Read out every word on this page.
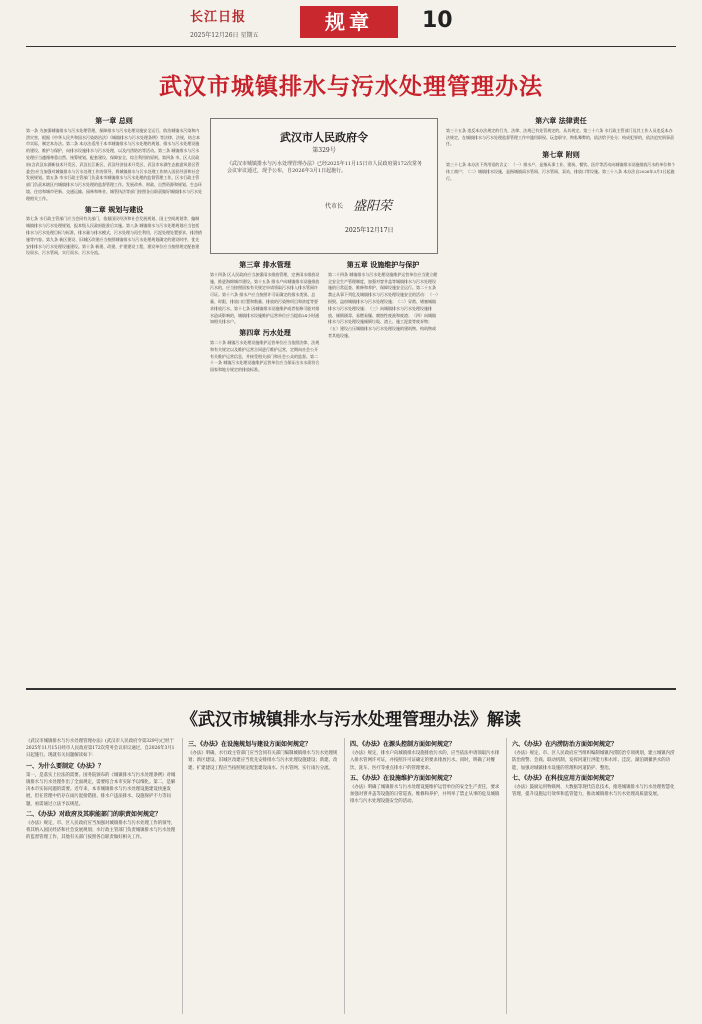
长江日报
2025年12月26日 星期五
规章	10
武汉市城镇排水与污水处理管理办法
第一章 总则
第一条 为加强城镇排水与污水处理管理，保障排水与污水处理设施安全运行，防治城镇水污染和内涝灾害，根据《中华人民共和国水污染防治法》《城镇排水与污水处理条例》等法律、法规，结合本市实际，制定本办法。第二条 本办法适用于本市城镇排水与污水处理的规划、排水与污水处理设施的建设、维护与保护，向排水设施排水与污水处理，以及内涝防治等活动。第三条 城镇排水与污水处理应当遵循尊重自然、统筹规划、配套建设、保障安全、综合利用的原则。第四条 市、区人民政府(含武汉东湖新技术开发区、武汉长江新区、武汉经济技术开发区、武汉市东湖生态旅游风景区管委会)应当加强对城镇排水与污水处理工作的领导，将城镇排水与污水处理工作纳入国民经济和社会发展规划。第五条 市水行政主管部门负责本市城镇排水与污水处理的监督管理工作。区水行政主管部门负责本辖区内城镇排水与污水处理的监督管理工作。发展改革、财政、自然资源和规划、生态环境、住房和城市更新、交通运输、园林和林业、城管执法等部门按照各自职责做好城镇排水与污水处理相关工作。
第二章 规划与建设
第七条 水行政主管部门应当会同有关部门，依据国民经济和社会发展规划、国土空间规划等，编制城镇排水与污水处理规划，报本级人民政府批准后实施。第八条 城镇排水与污水处理规划应当包括排水与污水处理目标与标准，排水量与排水模式，污水处理与再生利用，污泥处理处置要求，排涝措施等内容。第九条 新区建设、旧城区改建应当按照城镇排水与污水处理规划确定的建设时序，优先安排排水与污水处理设施建设。第十条 新建、改建、扩建建设工程，建设单位应当按照规定配套建设雨水、污水管网，实行雨水、污水分流。
武汉市人民政府令
第329号
《武汉市城镇排水与污水处理管理办法》已经2025年11月15日市人民政府第172次常务会议审议通过，现予公布，自2026年3月1日起施行。
代市长 盛阳荣
2025年12月17日
第三章 排水管理
第十四条 区人民政府应当加强雨水排放管理，完善雨水排放设施，推进海绵城市建设。第十五条 排水户向城镇排水设施排放污水的，应当按照国家有关规定申请领取污水排入排水管网许可证。第十六条 排水户应当按照许可证确定的排水类别、总量、时限、排放口位置和数量、排放的污染物项目和浓度等要求排放污水。第十七条 因城镇排水设施维护或者检修可能对排水造成影响的，城镇排水设施维护运营单位应当提前24小时通知相关排水户。
第四章 污水处理
第二十条 城镇污水处理设施维护运营单位应当依照法律、法规和有关规定以及维护运营合同进行维护运营，定期向社会公开有关维护运营信息，并接受相关部门和社会公众的监督。第二十一条 城镇污水处理设施维护运营单位应当保证出水水质符合国家和地方规定的排放标准。
第五章 设施维护与保护
第二十四条 城镇排水与污水处理设施维护运营单位应当建立健全安全生产管理制度，加强对窨井盖等城镇排水与污水处理设施的日常巡查、维修和养护，保障设施安全运行。第二十五条 禁止从事下列危及城镇排水与污水处理设施安全的活动：（一）损毁、盗窃城镇排水与污水处理设施；（二）穿凿、堵塞城镇排水与污水处理设施；（三）向城镇排水与污水处理设施排放、倾倒剧毒、易燃易爆、腐蚀性废液和废渣；（四）向城镇排水与污水处理设施倾倒垃圾、渣土、施工泥浆等废弃物；（五）建设占压城镇排水与污水处理设施的建筑物、构筑物或者其他设施。
第六章 法律责任
第三十五条 违反本办法规定的行为，法律、法规已有处罚规定的，从其规定。第三十六条 水行政主管部门及其工作人员违反本办法规定，在城镇排水与污水处理监督管理工作中滥用职权、玩忽职守、徇私舞弊的，依法给予处分；构成犯罪的，依法追究刑事责任。
第七章 附则
第三十七条 本办法下列用语的含义：（一）排水户，是指从事工业、建筑、餐饮、医疗等活动向城镇排水设施排放污水的单位和个体工商户；（二）城镇排水设施，是指城镇雨水管网、污水管网、泵站、排放口等设施。第三十八条 本办法自2026年3月1日起施行。
《武汉市城镇排水与污水处理管理办法》解读
《武汉市城镇排水与污水处理管理办法》(武汉市人民政府令第329号)已经于2025年11月15日经市人民政府第172次常务会议审议通过，自2026年3月1日起施行。现就有关问题解读如下：
一、为什么要制定《办法》？
第一，是落实上位法的需要。国务院颁布的《城镇排水与污水处理条例》对城镇排水与污水处理作出了全面规定，需要结合本市实际予以细化。第二，是解决本市实际问题的需要。近年来，本市城镇排水与污水处理设施建设快速发展，但在管理中仍存在雨污混接错接、排水户违法排水、设施保护不力等问题，亟需通过立法予以规范。
二、《办法》对政府及其职能部门的职责如何规定？
《办法》规定，市、区人民政府应当加强对城镇排水与污水处理工作的领导，将其纳入国民经济和社会发展规划；水行政主管部门负责城镇排水与污水处理的监督管理工作，其他有关部门按照各自职责做好相关工作。
三、《办法》在设施规划与建设方面如何规定？
《办法》明确，水行政主管部门应当会同有关部门编制城镇排水与污水处理规划；新区建设、旧城区改建应当优先安排排水与污水处理设施建设；新建、改建、扩建建设工程应当按照规定配套建设雨水、污水管网，实行雨污分流。
四、《办法》在源头控制方面如何规定？
《办法》规定，排水户向城镇排水设施排放污水的，应当依法申请领取污水排入排水管网许可证，并按照许可证确定的要求排放污水。同时，明确了对餐饮、洗车、医疗等重点排水户的管理要求。
五、《办法》在设施维护方面如何规定？
《办法》明确了城镇排水与污水处理设施维护运营单位的安全生产责任，要求加强对窨井盖等设施的日常巡查、维修和养护，并列举了禁止从事的危及城镇排水与污水处理设施安全的活动。
六、《办法》在内涝防治方面如何规定？
《办法》规定，市、区人民政府应当组织编制城镇内涝防治专项规划，建立城镇内涝防治预警、会商、联动机制，发挥河道行洪能力和水库、洼淀、湖泊调蓄洪水的功能，加强对城镇排水设施的管理和河道防护、整治。
七、《办法》在科技应用方面如何规定？
《办法》鼓励运用物联网、大数据等现代信息技术，推进城镇排水与污水处理智慧化管理，提升设施运行效率和监管能力，推动城镇排水与污水处理高质量发展。
